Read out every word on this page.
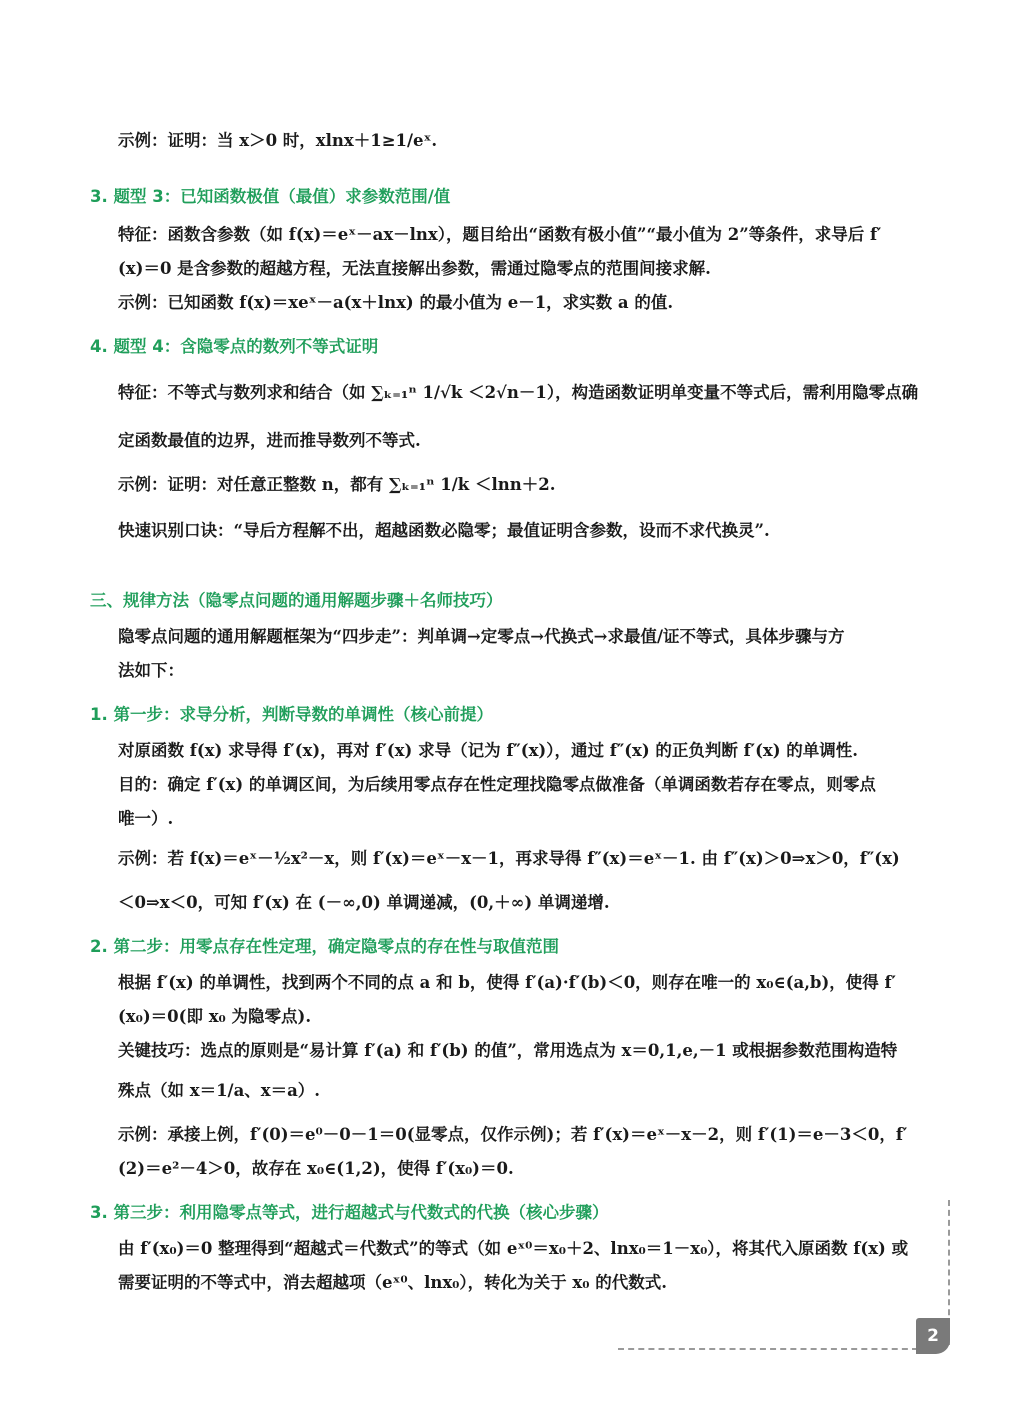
示例：证明：当 x＞0 时，xlnx＋1≥1/eˣ.
3. 题型 3：已知函数极值（最值）求参数范围/值
特征：函数含参数（如 f(x)＝eˣ－ax－lnx），题目给出“函数有极小值”“最小值为 2”等条件，求导后 f′
(x)＝0 是含参数的超越方程，无法直接解出参数，需通过隐零点的范围间接求解.
示例：已知函数 f(x)＝xeˣ－a(x＋lnx) 的最小值为 e－1，求实数 a 的值.
4. 题型 4：含隐零点的数列不等式证明
特征：不等式与数列求和结合（如 ∑ₖ₌₁ⁿ 1/√k ＜2√n－1），构造函数证明单变量不等式后，需利用隐零点确
定函数最值的边界，进而推导数列不等式.
示例：证明：对任意正整数 n，都有 ∑ₖ₌₁ⁿ 1/k ＜lnn＋2.
快速识别口诀：“导后方程解不出，超越函数必隐零；最值证明含参数，设而不求代换灵”.
三、规律方法（隐零点问题的通用解题步骤＋名师技巧）
隐零点问题的通用解题框架为“四步走”：判单调→定零点→代换式→求最值/证不等式，具体步骤与方
法如下：
1. 第一步：求导分析，判断导数的单调性（核心前提）
对原函数 f(x) 求导得 f′(x)，再对 f′(x) 求导（记为 f″(x)），通过 f″(x) 的正负判断 f′(x) 的单调性.
目的：确定 f′(x) 的单调区间，为后续用零点存在性定理找隐零点做准备（单调函数若存在零点，则零点
唯一）.
示例：若 f(x)＝eˣ－½x²－x，则 f′(x)＝eˣ－x－1，再求导得 f″(x)＝eˣ－1. 由 f″(x)＞0⇒x＞0，f″(x)
＜0⇒x＜0，可知 f′(x) 在 (－∞,0) 单调递减，(0,＋∞) 单调递增.
2. 第二步：用零点存在性定理，确定隐零点的存在性与取值范围
根据 f′(x) 的单调性，找到两个不同的点 a 和 b，使得 f′(a)·f′(b)＜0，则存在唯一的 x₀∈(a,b)，使得 f′
(x₀)＝0(即 x₀ 为隐零点).
关键技巧：选点的原则是“易计算 f′(a) 和 f′(b) 的值”，常用选点为 x＝0,1,e,－1 或根据参数范围构造特
殊点（如 x＝1/a、x＝a）.
示例：承接上例，f′(0)＝e⁰－0－1＝0(显零点，仅作示例)；若 f′(x)＝eˣ－x－2，则 f′(1)＝e－3＜0，f′
(2)＝e²－4＞0，故存在 x₀∈(1,2)，使得 f′(x₀)＝0.
3. 第三步：利用隐零点等式，进行超越式与代数式的代换（核心步骤）
由 f′(x₀)＝0 整理得到“超越式＝代数式”的等式（如 eˣ⁰＝x₀＋2、lnx₀＝1－x₀），将其代入原函数 f(x) 或
需要证明的不等式中，消去超越项（eˣ⁰、lnx₀），转化为关于 x₀ 的代数式.
2
